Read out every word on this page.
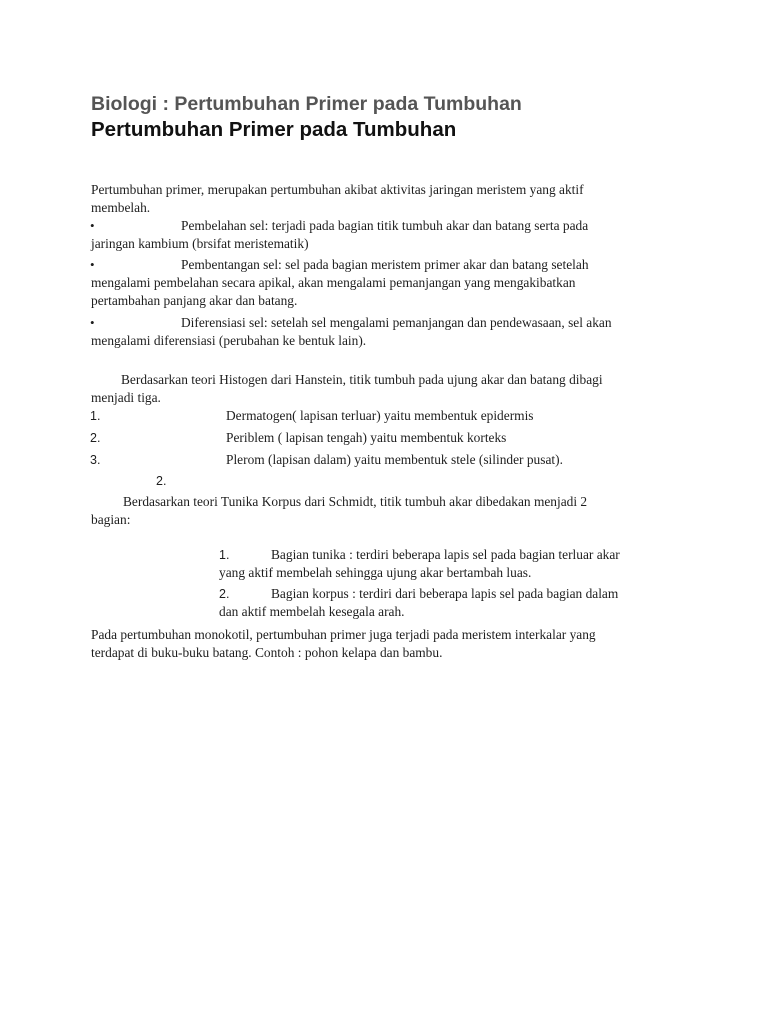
Biologi : Pertumbuhan Primer pada Tumbuhan
Pertumbuhan Primer pada Tumbuhan
Pertumbuhan primer, merupakan pertumbuhan akibat aktivitas jaringan meristem yang aktif
membelah.
•	Pembelahan sel: terjadi pada bagian titik tumbuh akar dan batang serta pada
jaringan kambium (brsifat meristematik)
•	Pembentangan sel: sel pada bagian meristem primer akar dan batang setelah
mengalami pembelahan secara apikal, akan mengalami pemanjangan yang mengakibatkan
pertambahan panjang akar dan batang.
•	Diferensiasi sel: setelah sel mengalami pemanjangan dan pendewasaan, sel akan
mengalami diferensiasi (perubahan ke bentuk lain).
Berdasarkan teori Histogen dari Hanstein, titik tumbuh pada ujung akar dan batang dibagi
menjadi tiga.
1.	Dermatogen( lapisan terluar) yaitu membentuk epidermis
2.	Periblem ( lapisan tengah) yaitu membentuk korteks
3.	Plerom (lapisan dalam) yaitu membentuk stele (silinder pusat).
2.
Berdasarkan teori Tunika Korpus dari Schmidt, titik tumbuh akar dibedakan menjadi 2
bagian:
1.	Bagian tunika : terdiri beberapa lapis sel pada bagian terluar akar
yang aktif membelah sehingga ujung akar bertambah luas.
2.	Bagian korpus : terdiri dari beberapa lapis sel pada bagian dalam
dan aktif membelah kesegala arah.
Pada pertumbuhan monokotil, pertumbuhan primer juga terjadi pada meristem interkalar yang
terdapat di buku-buku batang. Contoh : pohon kelapa dan bambu.
